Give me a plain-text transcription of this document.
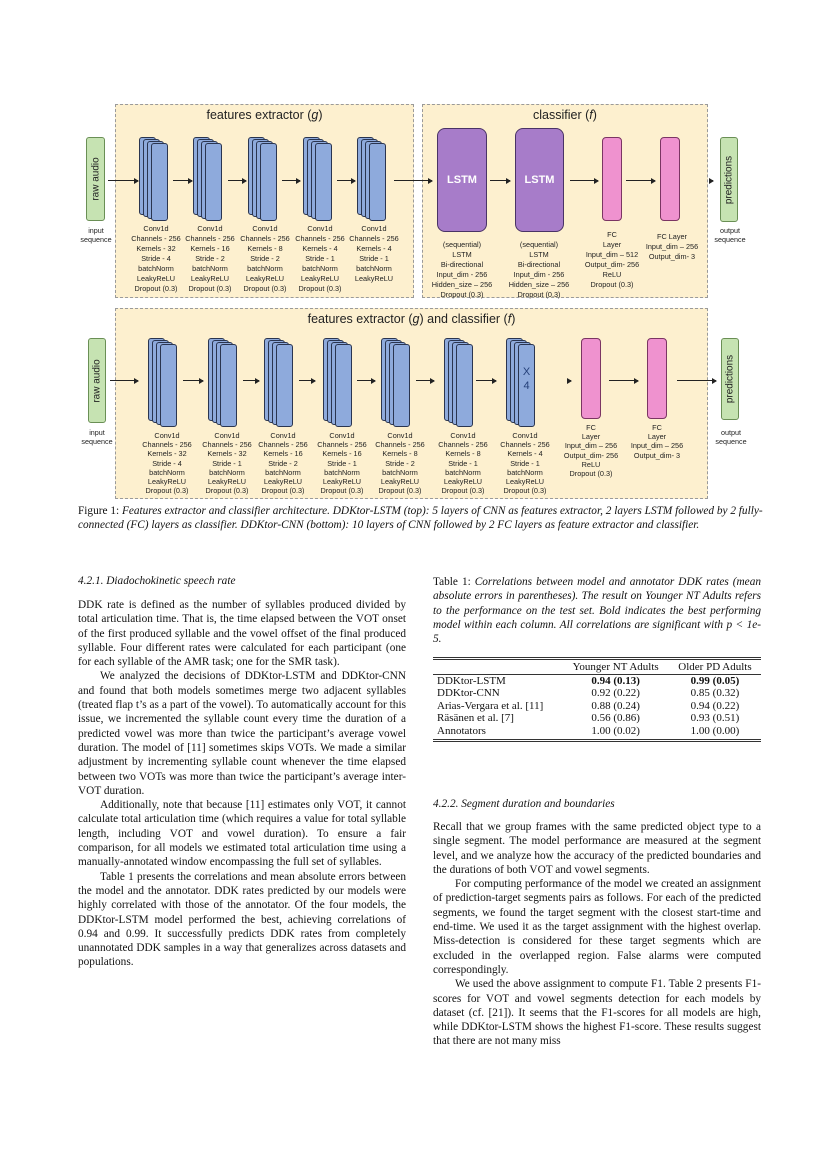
features extractor (g)	classifier (f)
raw audio
input
sequence
predictions
output
sequence
LSTM	LSTM
features extractor (g) and classifier (f)
raw audio
input
sequence
predictions
output
sequence
Conv1d
Channels - 256
Kernels - 32
Stride - 4
batchNorm
LeakyReLU
Dropout (0.3)
Conv1d
Channels - 256
Kernels - 16
Stride - 2
batchNorm
LeakyReLU
Dropout (0.3)
Conv1d
Channels - 256
Kernels - 8
Stride - 2
batchNorm
LeakyReLU
Dropout (0.3)
Conv1d
Channels - 256
Kernels - 4
Stride - 1
batchNorm
LeakyReLU
Dropout (0.3)
Conv1d
Channels - 256
Kernels - 4
Stride - 1
batchNorm
LeakyReLU
(sequential)
LSTM
Bi-directional
Input_dim - 256
Hidden_size – 256
Dropout (0.3)
(sequential)
LSTM
Bi-directional
Input_dim - 256
Hidden_size – 256
Dropout (0.3)
FC
Layer
Input_dim – 512
Output_dim- 256
ReLU
Dropout (0.3)
FC Layer
Input_dim – 256
Output_dim- 3
Conv1d
Channels - 256
Kernels - 32
Stride - 4
batchNorm
LeakyReLU
Dropout (0.3)
Conv1d
Channels - 256
Kernels - 32
Stride - 1
batchNorm
LeakyReLU
Dropout (0.3)
Conv1d
Channels - 256
Kernels - 16
Stride - 2
batchNorm
LeakyReLU
Dropout (0.3)
Conv1d
Channels - 256
Kernels - 16
Stride - 1
batchNorm
LeakyReLU
Dropout (0.3)
Conv1d
Channels - 256
Kernels - 8
Stride - 2
batchNorm
LeakyReLU
Dropout (0.3)
Conv1d
Channels - 256
Kernels - 8
Stride - 1
batchNorm
LeakyReLU
Dropout (0.3)
X
4
Conv1d
Channels - 256
Kernels - 4
Stride - 1
batchNorm
LeakyReLU
Dropout (0.3)
FC
Layer
Input_dim – 256
Output_dim- 256
ReLU
Dropout (0.3)
FC
Layer
Input_dim – 256
Output_dim- 3
Figure 1: Features extractor and classifier architecture. DDKtor-LSTM (top): 5 layers of CNN as features extractor, 2 layers LSTM followed by 2 fully-connected (FC) layers as classifier. DDKtor-CNN (bottom): 10 layers of CNN followed by 2 FC layers as feature extractor and classifier.
4.2.1. Diadochokinetic speech rate

DDK rate is defined as the number of syllables produced divided by total articulation time. That is, the time elapsed between the VOT onset of the first produced syllable and the vowel offset of the final produced syllable. Four different rates were calculated for each participant (one for each syllable of the AMR task; one for the SMR task).

We analyzed the decisions of DDKtor-LSTM and DDKtor-CNN and found that both models sometimes merge two adjacent syllables (treated flap t’s as a part of the vowel). To automatically account for this issue, we incremented the syllable count every time the duration of a predicted vowel was more than twice the participant’s average vowel duration. The model of [11] sometimes skips VOTs. We made a similar adjustment by incrementing syllable count whenever the time elapsed between two VOTs was more than twice the participant’s average inter-VOT duration.

Additionally, note that because [11] estimates only VOT, it cannot calculate total articulation time (which requires a value for total syllable length, including VOT and vowel duration). To ensure a fair comparison, for all models we estimated total articulation time using a manually-annotated window encompassing the full set of syllables.

Table 1 presents the correlations and mean absolute errors between the model and the annotator. DDK rates predicted by our models were highly correlated with those of the annotator. Of the four models, the DDKtor-LSTM model performed the best, achieving correlations of 0.94 and 0.99. It successfully predicts DDK rates from completely unannotated DDK samples in a way that generalizes across datasets and populations.

Table 1: Correlations between model and annotator DDK rates (mean absolute errors in parentheses). The result on Younger NT Adults refers to the performance on the test set. Bold indicates the best performing model within each column. All correlations are significant with p < 1e-5.
	Younger NT Adults	Older PD Adults
DDKtor-LSTM	0.94 (0.13)	0.99 (0.05)
DDKtor-CNN	0.92 (0.22)	0.85 (0.32)
Arias-Vergara et al. [11]	0.88 (0.24)	0.94 (0.22)
Räsänen et al. [7]	0.56 (0.86)	0.93 (0.51)
Annotators	1.00 (0.02)	1.00 (0.00)
4.2.2. Segment duration and boundaries

Recall that we group frames with the same predicted object type to a single segment. The model performance are measured at the segment level, and we analyze how the accuracy of the predicted boundaries and the durations of both VOT and vowel segments.

For computing performance of the model we created an assignment of prediction-target segments pairs as follows. For each of the predicted segments, we found the target segment with the closest start-time and end-time. We used it as the target assignment with the highest overlap. Miss-detection is considered for these target segments which are excluded in the overlapped region. False alarms were computed correspondingly.

We used the above assignment to compute F1. Table 2 presents F1-scores for VOT and vowel segments detection for each models by dataset (cf. [21]). It seems that the F1-scores for all models are high, while DDKtor-LSTM shows the highest F1-score. These results suggest that there are not many miss
